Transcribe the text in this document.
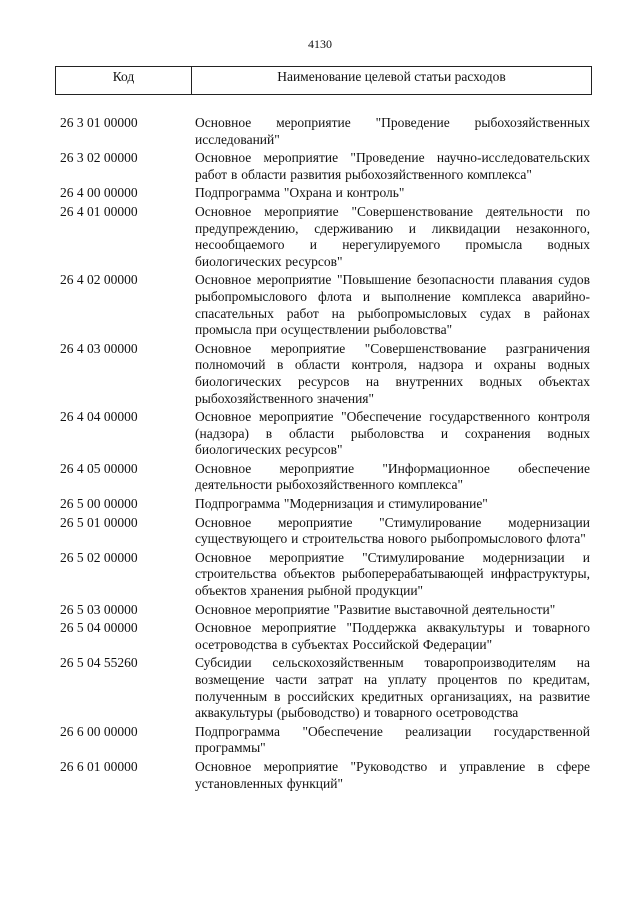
4130
Код	Наименование целевой статьи расходов
26 3 01 00000	Основное мероприятие "Проведение рыбохозяйственных исследований"
26 3 02 00000	Основное мероприятие "Проведение научно-исследовательских работ в области развития рыбохозяйственного комплекса"
26 4 00 00000	Подпрограмма "Охрана и контроль"
26 4 01 00000	Основное мероприятие "Совершенствование деятельности по предупреждению, сдерживанию и ликвидации незаконного, несообщаемого и нерегулируемого промысла водных биологических ресурсов"
26 4 02 00000	Основное мероприятие "Повышение безопасности плавания судов рыбопромыслового флота и выполнение комплекса аварийно-спасательных работ на рыбопромысловых судах в районах промысла при осуществлении рыболовства"
26 4 03 00000	Основное мероприятие "Совершенствование разграничения полномочий в области контроля, надзора и охраны водных биологических ресурсов на внутренних водных объектах рыбохозяйственного значения"
26 4 04 00000	Основное мероприятие "Обеспечение государственного контроля (надзора) в области рыболовства и сохранения водных биологических ресурсов"
26 4 05 00000	Основное мероприятие "Информационное обеспечение деятельности рыбохозяйственного комплекса"
26 5 00 00000	Подпрограмма "Модернизация и стимулирование"
26 5 01 00000	Основное мероприятие "Стимулирование модернизации существующего и строительства нового рыбопромыслового флота"
26 5 02 00000	Основное мероприятие "Стимулирование модернизации и строительства объектов рыбоперерабатывающей инфраструктуры, объектов хранения рыбной продукции"
26 5 03 00000	Основное мероприятие "Развитие выставочной деятельности"
26 5 04 00000	Основное мероприятие "Поддержка аквакультуры и товарного осетроводства в субъектах Российской Федерации"
26 5 04 55260	Субсидии сельскохозяйственным товаропроизводителям на возмещение части затрат на уплату процентов по кредитам, полученным в российских кредитных организациях, на развитие аквакультуры (рыбоводство) и товарного осетроводства
26 6 00 00000	Подпрограмма "Обеспечение реализации государственной программы"
26 6 01 00000	Основное мероприятие "Руководство и управление в сфере установленных функций"
